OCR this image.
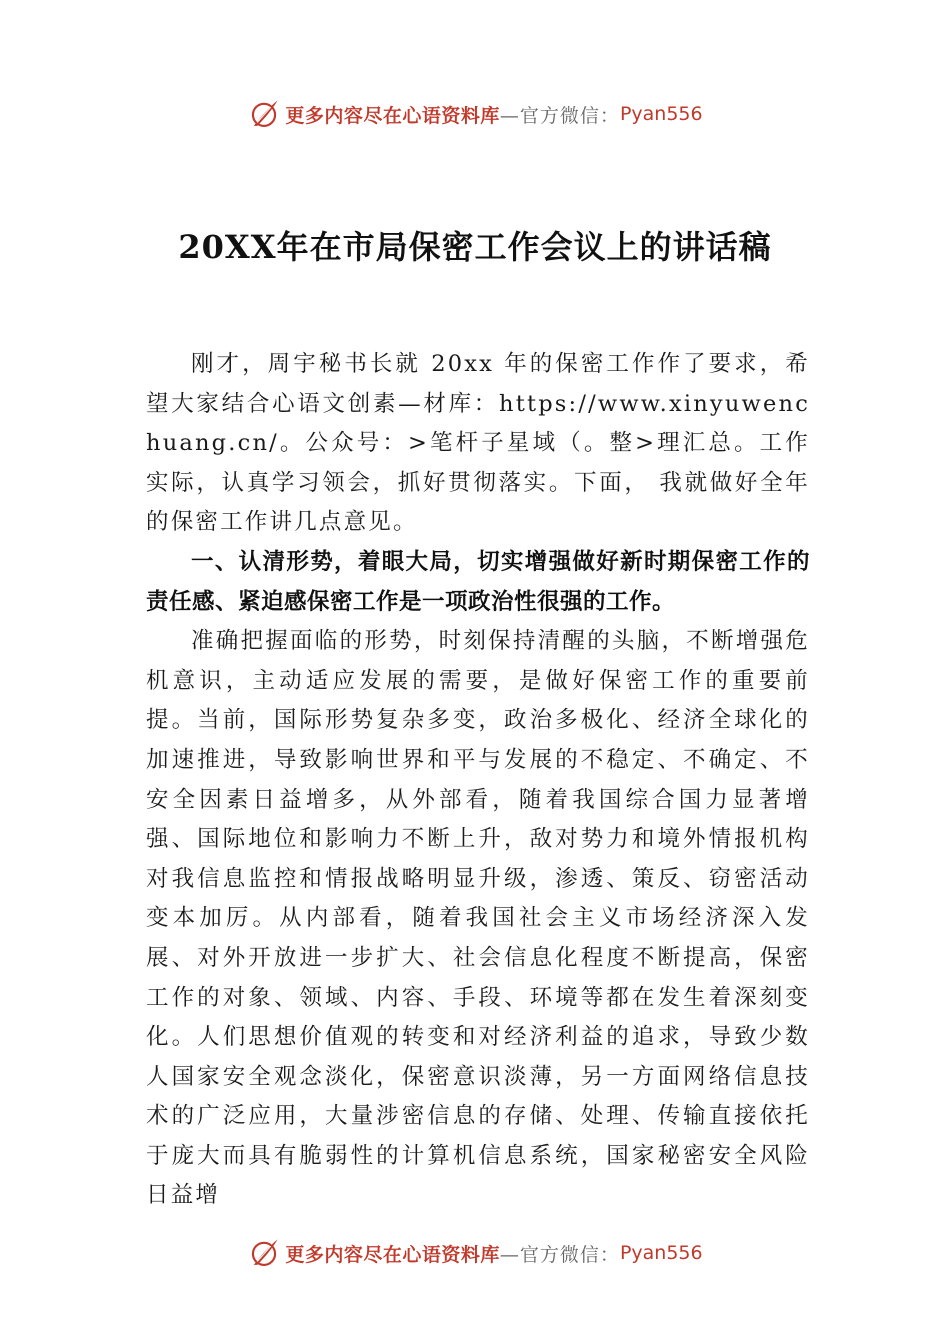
更多内容尽在心语资料库 —官方微信： Pyan556
20XX年在市局保密工作会议上的讲话稿

刚才，周宇秘书长就 20xx 年的保密工作作了要求，希望大家结合心语文创素—材库：https://www.xinyuwenchuang.cn/。公众号：>笔杆子星域（。整>理汇总。工作实际，认真学习领会，抓好贯彻落实。下面， 我就做好全年的保密工作讲几点意见。

一、认清形势，着眼大局，切实增强做好新时期保密工作的责任感、紧迫感保密工作是一项政治性很强的工作。

准确把握面临的形势，时刻保持清醒的头脑，不断增强危机意识，主动适应发展的需要，是做好保密工作的重要前提。当前，国际形势复杂多变，政治多极化、经济全球化的加速推进，导致影响世界和平与发展的不稳定、不确定、不安全因素日益增多，从外部看，随着我国综合国力显著增强、国际地位和影响力不断上升，敌对势力和境外情报机构对我信息监控和情报战略明显升级，渗透、策反、窃密活动变本加厉。从内部看，随着我国社会主义市场经济深入发展、对外开放进一步扩大、社会信息化程度不断提高，保密工作的对象、领域、内容、手段、环境等都在发生着深刻变化。人们思想价值观的转变和对经济利益的追求，导致少数人国家安全观念淡化，保密意识淡薄，另一方面网络信息技术的广泛应用，大量涉密信息的存储、处理、传输直接依托于庞大而具有脆弱性的计算机信息系统，国家秘密安全风险日益增

更多内容尽在心语资料库 —官方微信： Pyan556
